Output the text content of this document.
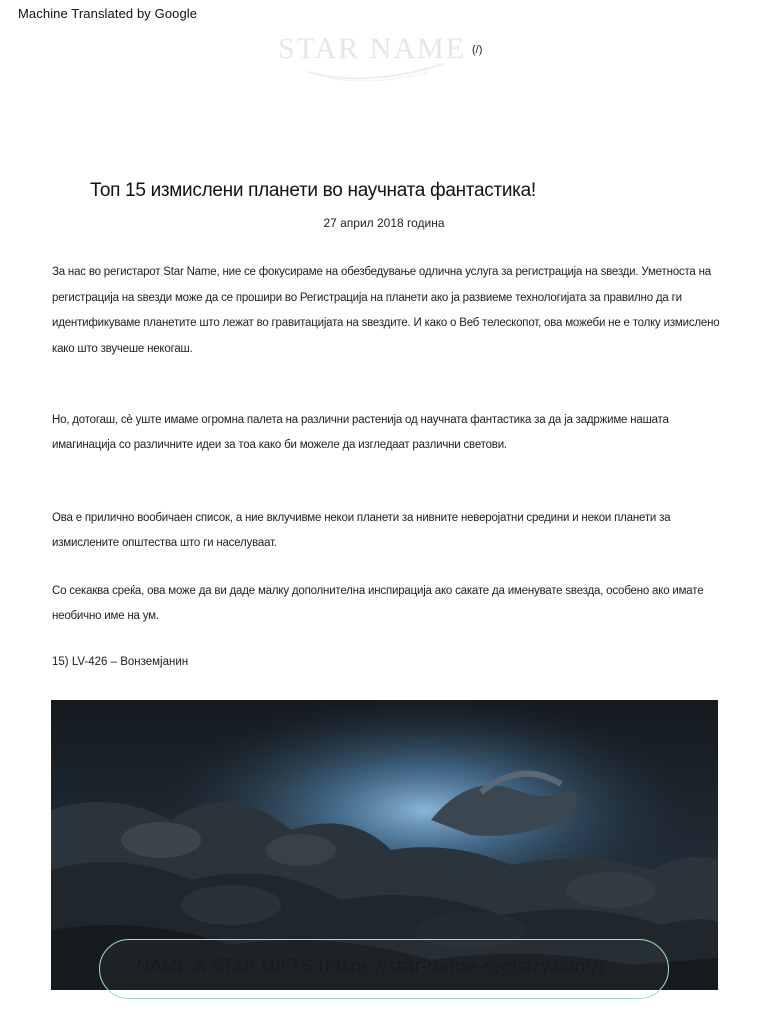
Machine Translated by Google
STAR NAME (/)
Топ 15 измислени планети во научната фантастика!
27 април 2018 година

За нас во регистарот Star Name, ние се фокусираме на обезбедување одлична услуга за регистрација на ѕвезди. Уметноста на регистрација на ѕвезди може да се прошири во Регистрација на планети ако ја развиеме технологијата за правилно да ги идентификуваме планетите што лежат во гравитацијата на ѕвездите. И како о Веб телескопот, ова можеби не е толку измислено како што звучеше некогаш.

Но, дотогаш, сè уште имаме огромна палета на различни растенија од научната фантастика за да ја задржиме нашата имагинација со различните идеи за тоа како би можеле да изгледаат различни светови.

Ова е прилично вообичаен список, а ние вклучивме некои планети за нивните неверојатни средини и некои планети за измислените општества што ги населуваат.

Со секаква среќа, ова може да ви даде малку дополнителна инспирација ако сакате да именувате ѕвезда, особено ако имате необично име на ум.

15) LV-426 – Вонземјанин
NAME A STAR GIFTS (https://star-name-registry.com/)
